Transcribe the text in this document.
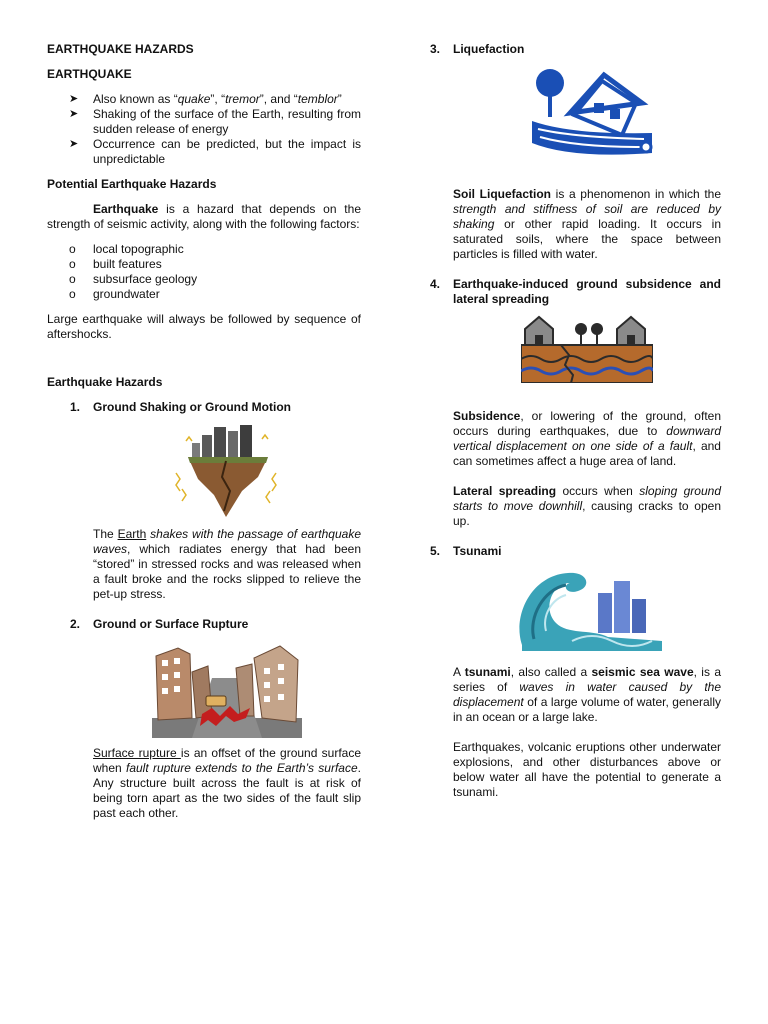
EARTHQUAKE HAZARDS

EARTHQUAKE

➤ Also known as “quake”, “tremor”, and “temblor”
➤ Shaking of the surface of the Earth, resulting from sudden release of energy
➤ Occurrence can be predicted, but the impact is unpredictable

Potential Earthquake Hazards

Earthquake is a hazard that depends on the strength of seismic activity, along with the following factors:

o local topographic
o built features
o subsurface geology
o groundwater

Large earthquake will always be followed by sequence of aftershocks.

Earthquake Hazards

1.	Ground Shaking or Ground Motion

The Earth shakes with the passage of earthquake waves, which radiates energy that had been “stored” in stressed rocks and was released when a fault broke and the rocks slipped to relieve the pet-up stress.

2.	Ground or Surface Rupture

Surface rupture is an offset of the ground surface when fault rupture extends to the Earth’s surface. Any structure built across the fault is at risk of being torn apart as the two sides of the fault slip past each other.

3.	Liquefaction

Soil Liquefaction is a phenomenon in which the strength and stiffness of soil are reduced by shaking or other rapid loading. It occurs in saturated soils, where the space between particles is filled with water.

4.	Earthquake-induced ground subsidence and lateral spreading

Subsidence, or lowering of the ground, often occurs during earthquakes, due to downward vertical displacement on one side of a fault, and can sometimes affect a huge area of land.

Lateral spreading occurs when sloping ground starts to move downhill, causing cracks to open up.

5.	Tsunami

A tsunami, also called a seismic sea wave, is a series of waves in water caused by the displacement of a large volume of water, generally in an ocean or a large lake.

Earthquakes, volcanic eruptions other underwater explosions, and other disturbances above or below water all have the potential to generate a tsunami.
